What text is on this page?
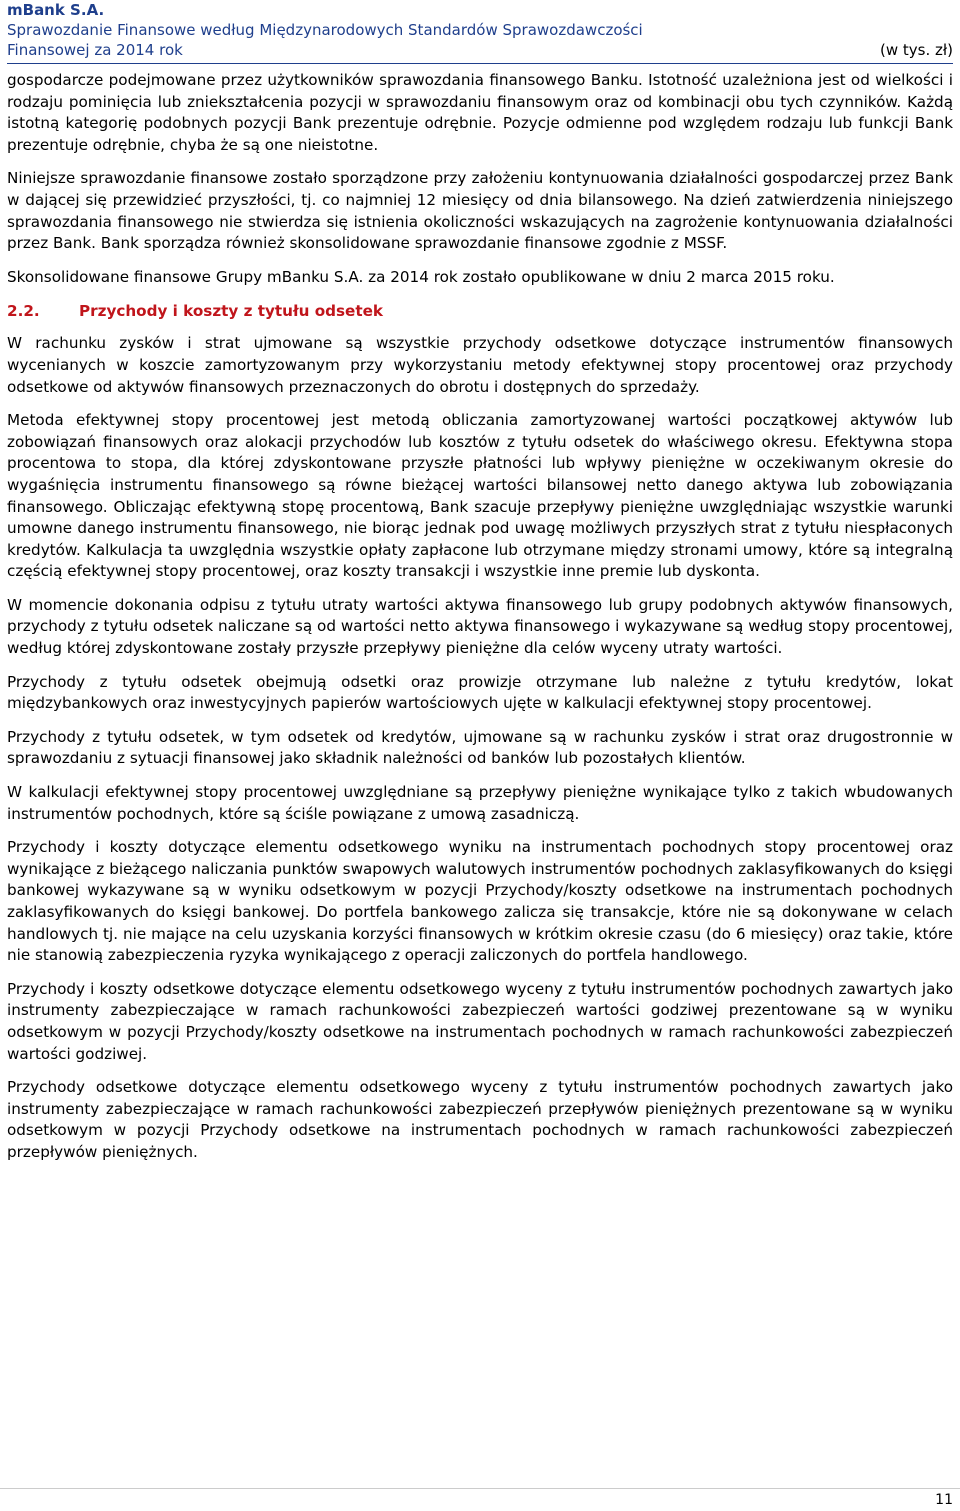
mBank S.A.

Sprawozdanie Finansowe według Międzynarodowych Standardów Sprawozdawczości

Finansowej za 2014 rok	(w tys. zł)

gospodarcze podejmowane przez użytkowników sprawozdania finansowego Banku. Istotność uzależniona jest od wielkości i rodzaju pominięcia lub zniekształcenia pozycji w sprawozdaniu finansowym oraz od kombinacji obu tych czynników. Każdą istotną kategorię podobnych pozycji Bank prezentuje odrębnie. Pozycje odmienne pod względem rodzaju lub funkcji Bank prezentuje odrębnie, chyba że są one nieistotne.

Niniejsze sprawozdanie finansowe zostało sporządzone przy założeniu kontynuowania działalności gospodarczej przez Bank w dającej się przewidzieć przyszłości, tj. co najmniej 12 miesięcy od dnia bilansowego. Na dzień zatwierdzenia niniejszego sprawozdania finansowego nie stwierdza się istnienia okoliczności wskazujących na zagrożenie kontynuowania działalności przez Bank. Bank sporządza również skonsolidowane sprawozdanie finansowe zgodnie z MSSF.

Skonsolidowane finansowe Grupy mBanku S.A. za 2014 rok zostało opublikowane w dniu 2 marca 2015 roku.

2.2.	Przychody i koszty z tytułu odsetek

W rachunku zysków i strat ujmowane są wszystkie przychody odsetkowe dotyczące instrumentów finansowych wycenianych w koszcie zamortyzowanym przy wykorzystaniu metody efektywnej stopy procentowej oraz przychody odsetkowe od aktywów finansowych przeznaczonych do obrotu i dostępnych do sprzedaży.

Metoda efektywnej stopy procentowej jest metodą obliczania zamortyzowanej wartości początkowej aktywów lub zobowiązań finansowych oraz alokacji przychodów lub kosztów z tytułu odsetek do właściwego okresu. Efektywna stopa procentowa to stopa, dla której zdyskontowane przyszłe płatności lub wpływy pieniężne w oczekiwanym okresie do wygaśnięcia instrumentu finansowego są równe bieżącej wartości bilansowej netto danego aktywa lub zobowiązania finansowego. Obliczając efektywną stopę procentową, Bank szacuje przepływy pieniężne uwzględniając wszystkie warunki umowne danego instrumentu finansowego, nie biorąc jednak pod uwagę możliwych przyszłych strat z tytułu niespłaconych kredytów. Kalkulacja ta uwzględnia wszystkie opłaty zapłacone lub otrzymane między stronami umowy, które są integralną częścią efektywnej stopy procentowej, oraz koszty transakcji i wszystkie inne premie lub dyskonta.

W momencie dokonania odpisu z tytułu utraty wartości aktywa finansowego lub grupy podobnych aktywów finansowych, przychody z tytułu odsetek naliczane są od wartości netto aktywa finansowego i wykazywane są według stopy procentowej, według której zdyskontowane zostały przyszłe przepływy pieniężne dla celów wyceny utraty wartości.

Przychody z tytułu odsetek obejmują odsetki oraz prowizje otrzymane lub należne z tytułu kredytów, lokat międzybankowych oraz inwestycyjnych papierów wartościowych ujęte w kalkulacji efektywnej stopy procentowej.

Przychody z tytułu odsetek, w tym odsetek od kredytów, ujmowane są w rachunku zysków i strat oraz drugostronnie w sprawozdaniu z sytuacji finansowej jako składnik należności od banków lub pozostałych klientów.

W kalkulacji efektywnej stopy procentowej uwzględniane są przepływy pieniężne wynikające tylko z takich wbudowanych instrumentów pochodnych, które są ściśle powiązane z umową zasadniczą.

Przychody i koszty dotyczące elementu odsetkowego wyniku na instrumentach pochodnych stopy procentowej oraz wynikające z bieżącego naliczania punktów swapowych walutowych instrumentów pochodnych zaklasyfikowanych do księgi bankowej wykazywane są w wyniku odsetkowym w pozycji Przychody/koszty odsetkowe na instrumentach pochodnych zaklasyfikowanych do księgi bankowej. Do portfela bankowego zalicza się transakcje, które nie są dokonywane w celach handlowych tj. nie mające na celu uzyskania korzyści finansowych w krótkim okresie czasu (do 6 miesięcy) oraz takie, które nie stanowią zabezpieczenia ryzyka wynikającego z operacji zaliczonych do portfela handlowego.

Przychody i koszty odsetkowe dotyczące elementu odsetkowego wyceny z tytułu instrumentów pochodnych zawartych jako instrumenty zabezpieczające w ramach rachunkowości zabezpieczeń wartości godziwej prezentowane są w wyniku odsetkowym w pozycji Przychody/koszty odsetkowe na instrumentach pochodnych w ramach rachunkowości zabezpieczeń wartości godziwej.

Przychody odsetkowe dotyczące elementu odsetkowego wyceny z tytułu instrumentów pochodnych zawartych jako instrumenty zabezpieczające w ramach rachunkowości zabezpieczeń przepływów pieniężnych prezentowane są w wyniku odsetkowym w pozycji Przychody odsetkowe na instrumentach pochodnych w ramach rachunkowości zabezpieczeń przepływów pieniężnych.

11
